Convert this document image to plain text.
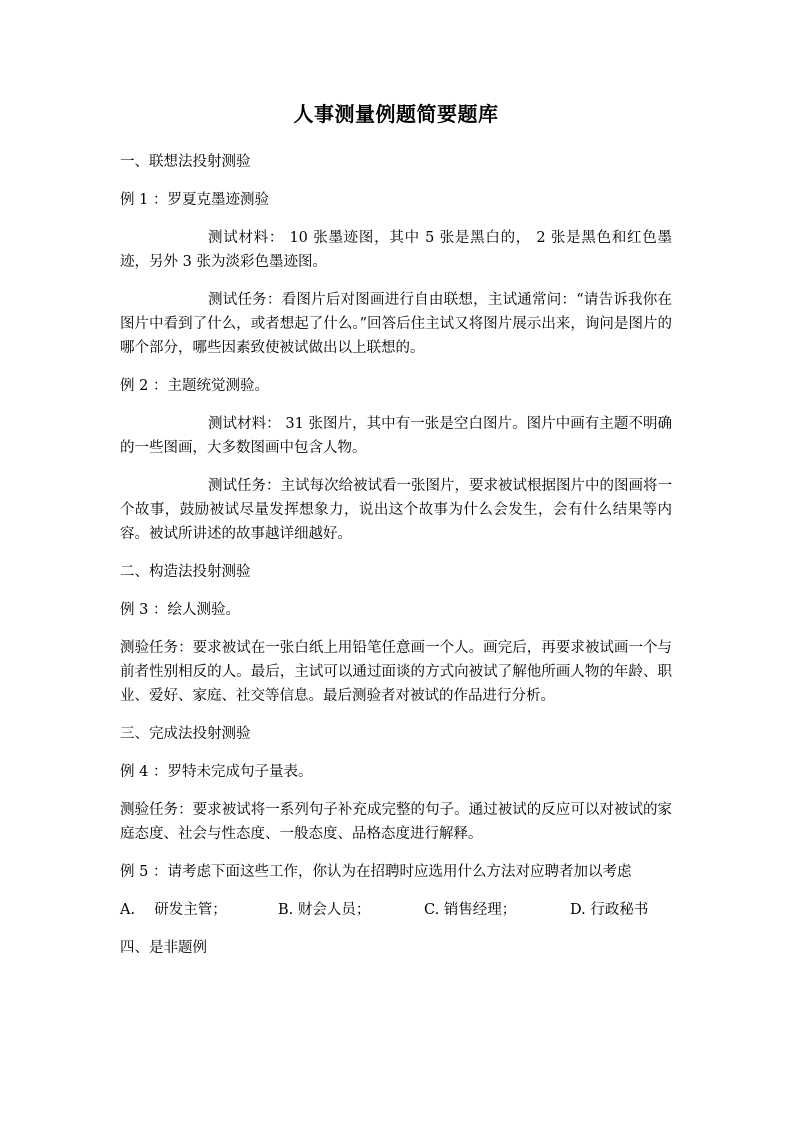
人事测量例题简要题库
一、联想法投射测验
例 1 ：罗夏克墨迹测验
测试材料： 10 张墨迹图，其中 5 张是黑白的， 2 张是黑色和红色墨迹，另外 3 张为淡彩色墨迹图。
测试任务：看图片后对图画进行自由联想，主试通常问：“请告诉我你在图片中看到了什么，或者想起了什么。”回答后住主试又将图片展示出来，询问是图片的哪个部分，哪些因素致使被试做出以上联想的。
例 2 ：主题统觉测验。
测试材料： 31 张图片，其中有一张是空白图片。图片中画有主题不明确的一些图画，大多数图画中包含人物。
测试任务：主试每次给被试看一张图片，要求被试根据图片中的图画将一个故事，鼓励被试尽量发挥想象力，说出这个故事为什么会发生，会有什么结果等内容。被试所讲述的故事越详细越好。
二、构造法投射测验
例 3 ：绘人测验。
测验任务：要求被试在一张白纸上用铅笔任意画一个人。画完后，再要求被试画一个与前者性别相反的人。最后，主试可以通过面谈的方式向被试了解他所画人物的年龄、职业、爱好、家庭、社交等信息。最后测验者对被试的作品进行分析。
三、完成法投射测验
例 4 ：罗特未完成句子量表。
测验任务：要求被试将一系列句子补充成完整的句子。通过被试的反应可以对被试的家庭态度、社会与性态度、一般态度、品格态度进行解释。
例 5 ：请考虑下面这些工作，你认为在招聘时应选用什么方法对应聘者加以考虑
A.　 研发主管；	B. 财会人员；	C. 销售经理；	D. 行政秘书
四、是非题例
